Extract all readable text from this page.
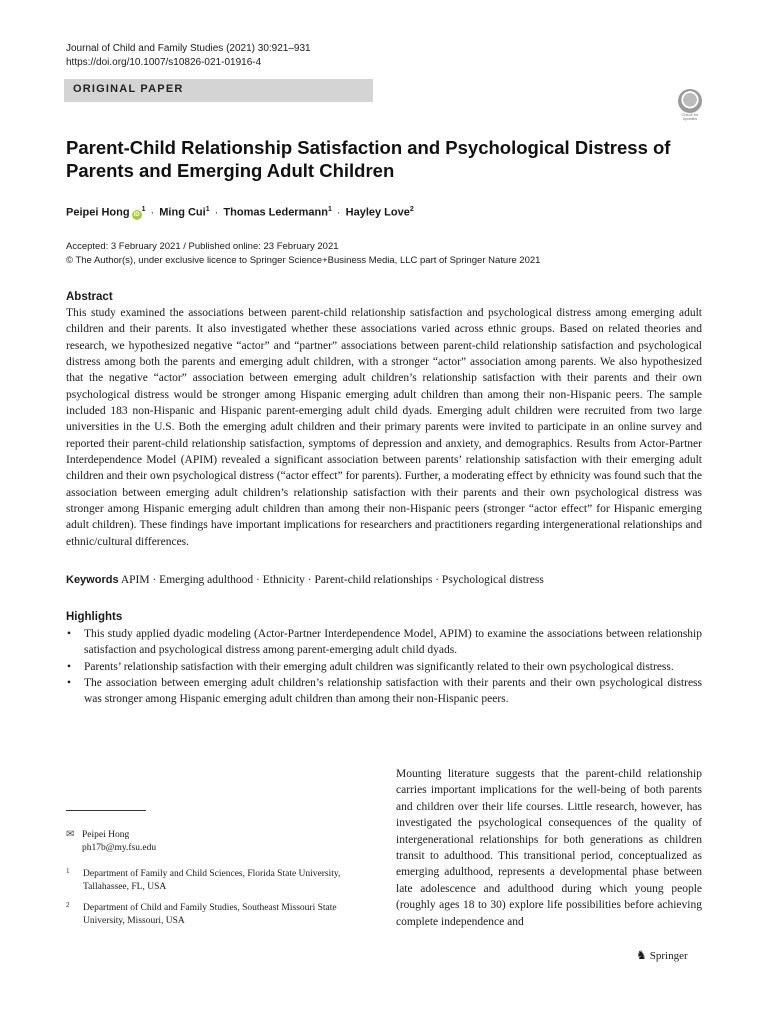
Journal of Child and Family Studies (2021) 30:921–931
https://doi.org/10.1007/s10826-021-01916-4
ORIGINAL PAPER
Check for updates
Parent-Child Relationship Satisfaction and Psychological Distress of Parents and Emerging Adult Children
Peipei Hong $iD^1$ · Ming Cui$^1$ · Thomas Ledermann$^1$ · Hayley Love$^2$
Accepted: 3 February 2021 / Published online: 23 February 2021
© The Author(s), under exclusive licence to Springer Science+Business Media, LLC part of Springer Nature 2021
Abstract

This study examined the associations between parent-child relationship satisfaction and psychological distress among emerging adult children and their parents. It also investigated whether these associations varied across ethnic groups. Based on related theories and research, we hypothesized negative “actor” and “partner” associations between parent-child relationship satisfaction and psychological distress among both the parents and emerging adult children, with a stronger “actor” association among parents. We also hypothesized that the negative “actor” association between emerging adult children’s relationship satisfaction with their parents and their own psychological distress would be stronger among Hispanic emerging adult children than among their non-Hispanic peers. The sample included 183 non-Hispanic and Hispanic parent-emerging adult child dyads. Emerging adult children were recruited from two large universities in the U.S. Both the emerging adult children and their primary parents were invited to participate in an online survey and reported their parent-child relationship satisfaction, symptoms of depression and anxiety, and demographics. Results from Actor-Partner Interdependence Model (APIM) revealed a significant association between parents’ relationship satisfaction with their emerging adult children and their own psychological distress (“actor effect” for parents). Further, a moderating effect by ethnicity was found such that the association between emerging adult children’s relationship satisfaction with their parents and their own psychological distress was stronger among Hispanic emerging adult children than among their non-Hispanic peers (stronger “actor effect” for Hispanic emerging adult children). These findings have important implications for researchers and practitioners regarding intergenerational relationships and ethnic/cultural differences.

Keywords APIM · Emerging adulthood · Ethnicity · Parent-child relationships · Psychological distress
Highlights
• This study applied dyadic modeling (Actor-Partner Interdependence Model, APIM) to examine the associations between relationship satisfaction and psychological distress among parent-emerging adult child dyads.
• Parents’ relationship satisfaction with their emerging adult children was significantly related to their own psychological distress.
• The association between emerging adult children’s relationship satisfaction with their parents and their own psychological distress was stronger among Hispanic emerging adult children than among their non-Hispanic peers.
✉ Peipei Hong
ph17b@my.fsu.edu
1 Department of Family and Child Sciences, Florida State University, Tallahassee, FL, USA
2 Department of Child and Family Studies, Southeast Missouri State University, Missouri, USA

Mounting literature suggests that the parent-child relationship carries important implications for the well-being of both parents and children over their life courses. Little research, however, has investigated the psychological consequences of the quality of intergenerational relationships for both generations as children transit to adulthood. This transitional period, conceptualized as emerging adulthood, represents a developmental phase between late adolescence and adulthood during which young people (roughly ages 18 to 30) explore life possibilities before achieving complete independence and

♞ Springer
